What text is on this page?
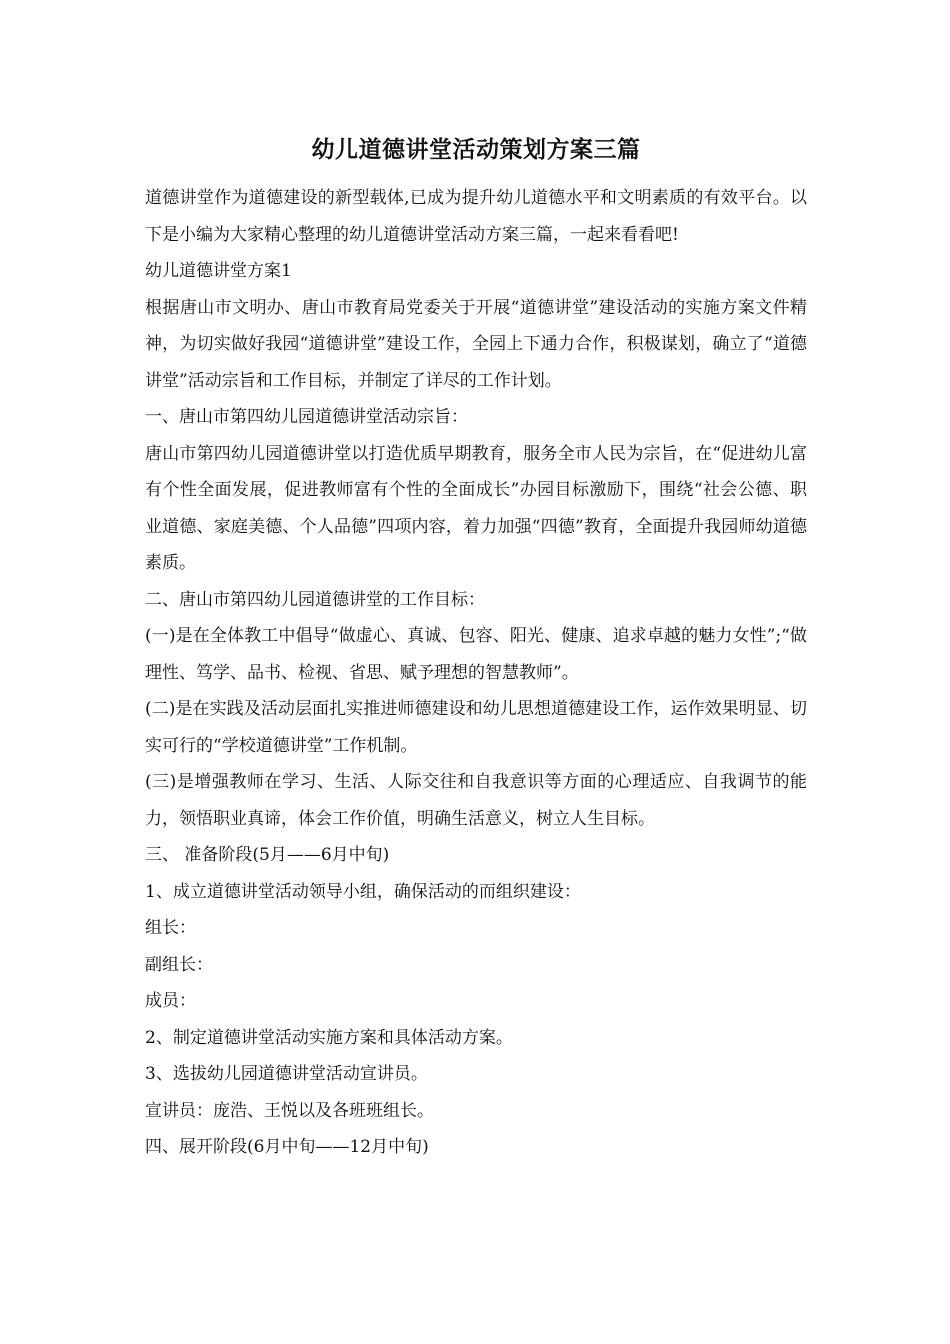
幼儿道德讲堂活动策划方案三篇

道德讲堂作为道德建设的新型载体,已成为提升幼儿道德水平和文明素质的有效平台。以下是小编为大家精心整理的幼儿道德讲堂活动方案三篇，一起来看看吧!

幼儿道德讲堂方案1

根据唐山市文明办、唐山市教育局党委关于开展“道德讲堂”建设活动的实施方案文件精神，为切实做好我园“道德讲堂”建设工作，全园上下通力合作，积极谋划，确立了“道德讲堂”活动宗旨和工作目标，并制定了详尽的工作计划。

一、唐山市第四幼儿园道德讲堂活动宗旨：

唐山市第四幼儿园道德讲堂以打造优质早期教育，服务全市人民为宗旨，在“促进幼儿富有个性全面发展，促进教师富有个性的全面成长”办园目标激励下，围绕“社会公德、职业道德、家庭美德、个人品德”四项内容，着力加强“四德”教育，全面提升我园师幼道德素质。

二、唐山市第四幼儿园道德讲堂的工作目标：

(一)是在全体教工中倡导“做虚心、真诚、包容、阳光、健康、追求卓越的魅力女性”;“做理性、笃学、品书、检视、省思、赋予理想的智慧教师”。

(二)是在实践及活动层面扎实推进师德建设和幼儿思想道德建设工作，运作效果明显、切实可行的“学校道德讲堂”工作机制。

(三)是增强教师在学习、生活、人际交往和自我意识等方面的心理适应、自我调节的能力，领悟职业真谛，体会工作价值，明确生活意义，树立人生目标。

三、 准备阶段(5月——6月中旬)

1、成立道德讲堂活动领导小组，确保活动的而组织建设：

组长：

副组长：

成员：

2、制定道德讲堂活动实施方案和具体活动方案。

3、选拔幼儿园道德讲堂活动宣讲员。

宣讲员：庞浩、王悦以及各班班组长。

四、展开阶段(6月中旬——12月中旬)
